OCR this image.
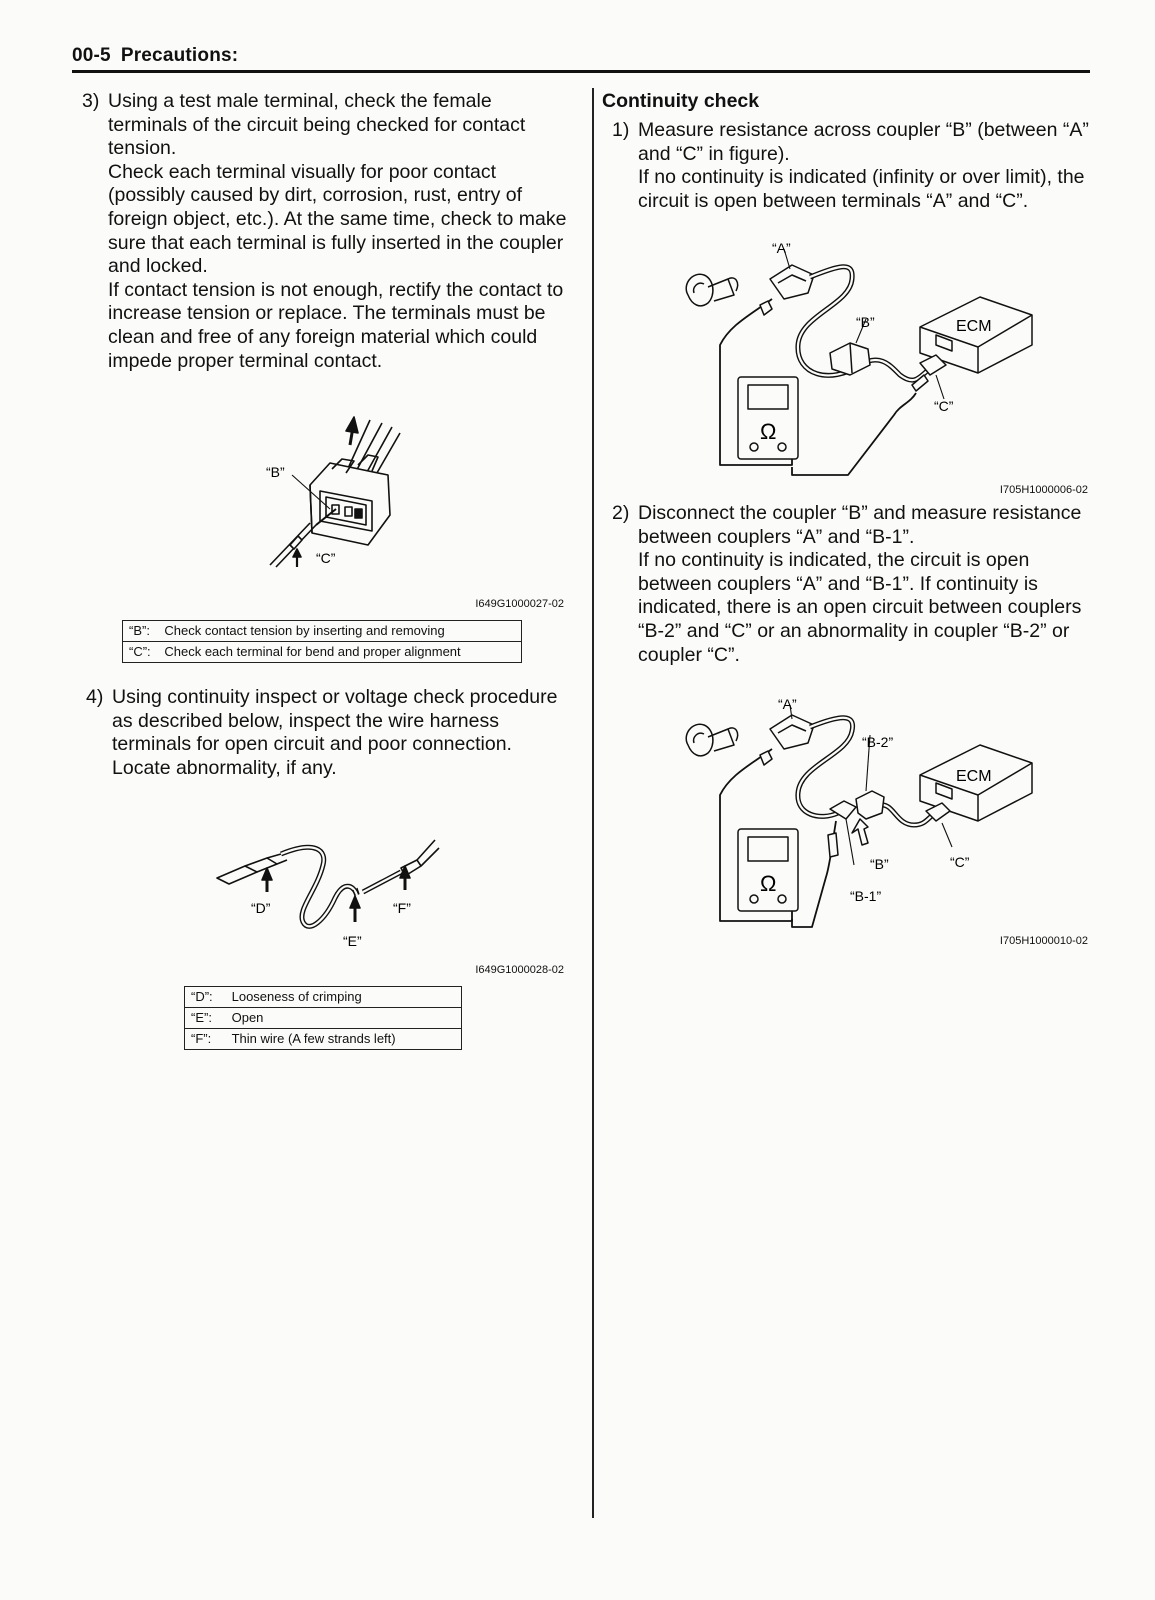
00-5 Precautions:
3) Using a test male terminal, check the female terminals of the circuit being checked for contact tension.

Check each terminal visually for poor contact (possibly caused by dirt, corrosion, rust, entry of foreign object, etc.). At the same time, check to make sure that each terminal is fully inserted in the coupler and locked.

If contact tension is not enough, rectify the contact to increase tension or replace. The terminals must be clean and free of any foreign material which could impede proper terminal contact.

“B”
“C”
I649G1000027-02
“B”:	Check contact tension by inserting and removing
“C”:	Check each terminal for bend and proper alignment
4) Using continuity inspect or voltage check procedure as described below, inspect the wire harness terminals for open circuit and poor connection. Locate abnormality, if any.

“D”
“E”
“F”
I649G1000028-02
“D”:	Looseness of crimping
“E”:	Open
“F”:	Thin wire (A few strands left)
Continuity check
1) Measure resistance across coupler “B” (between “A” and “C” in figure).

If no continuity is indicated (infinity or over limit), the circuit is open between terminals “A” and “C”.

“A”
“B”
“C”
ECM
Ω
I705H1000006-02
2) Disconnect the coupler “B” and measure resistance between couplers “A” and “B-1”.

If no continuity is indicated, the circuit is open between couplers “A” and “B-1”. If continuity is indicated, there is an open circuit between couplers “B-2” and “C” or an abnormality in coupler “B-2” or coupler “C”.

“A”
“B-2”
“B”
“B-1”
“C”
ECM
Ω
I705H1000010-02
